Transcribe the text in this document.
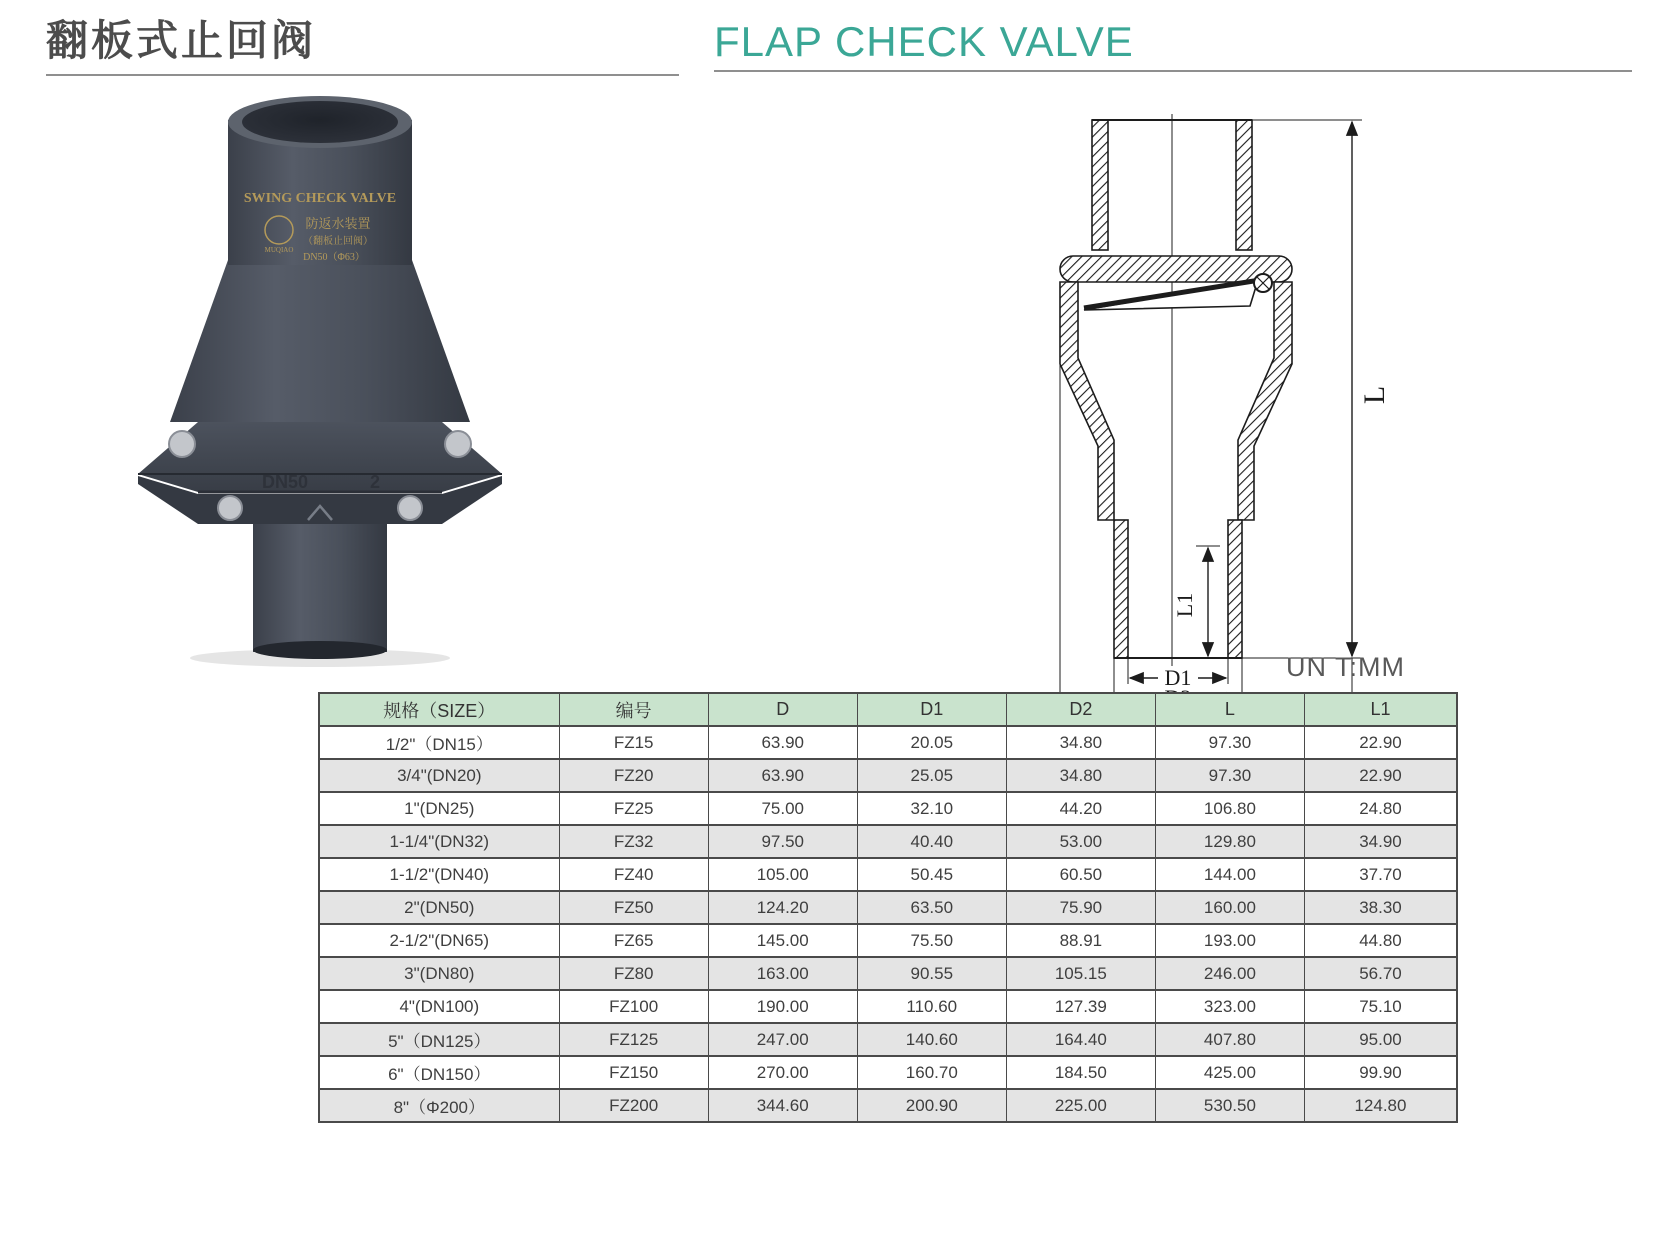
翻板式止回阀	FLAP CHECK VALVE
SWING CHECK VALVE
MUQIAO
防返水装置
（翻板止回阀）
DN50（Φ63）
DN50	2
L
L1
D1	UN T:MM
规格（SIZE）	编号	D	D1	D2	L	L1
1/2"（DN15）	FZ15	63.90	20.05	34.80	97.30	22.90
3/4"(DN20)	FZ20	63.90	25.05	34.80	97.30	22.90
1"(DN25)	FZ25	75.00	32.10	44.20	106.80	24.80
1-1/4"(DN32)	FZ32	97.50	40.40	53.00	129.80	34.90
1-1/2"(DN40)	FZ40	105.00	50.45	60.50	144.00	37.70
2"(DN50)	FZ50	124.20	63.50	75.90	160.00	38.30
2-1/2"(DN65)	FZ65	145.00	75.50	88.91	193.00	44.80
3"(DN80)	FZ80	163.00	90.55	105.15	246.00	56.70
4"(DN100)	FZ100	190.00	110.60	127.39	323.00	75.10
5"（DN125）	FZ125	247.00	140.60	164.40	407.80	95.00
6"（DN150）	FZ150	270.00	160.70	184.50	425.00	99.90
8"（Φ200）	FZ200	344.60	200.90	225.00	530.50	124.80
